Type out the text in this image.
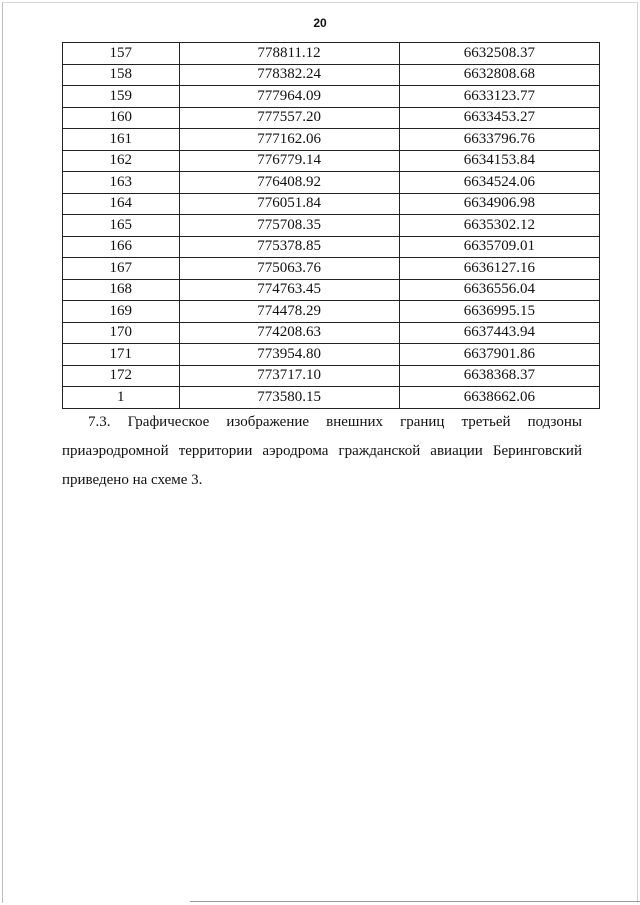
20
157	778811.12	6632508.37
158	778382.24	6632808.68
159	777964.09	6633123.77
160	777557.20	6633453.27
161	777162.06	6633796.76
162	776779.14	6634153.84
163	776408.92	6634524.06
164	776051.84	6634906.98
165	775708.35	6635302.12
166	775378.85	6635709.01
167	775063.76	6636127.16
168	774763.45	6636556.04
169	774478.29	6636995.15
170	774208.63	6637443.94
171	773954.80	6637901.86
172	773717.10	6638368.37
1	773580.15	6638662.06
7.3. Графическое изображение внешних границ третьей подзоны
приаэродромной территории аэродрома гражданской авиации Беринговский
приведено на схеме 3.
